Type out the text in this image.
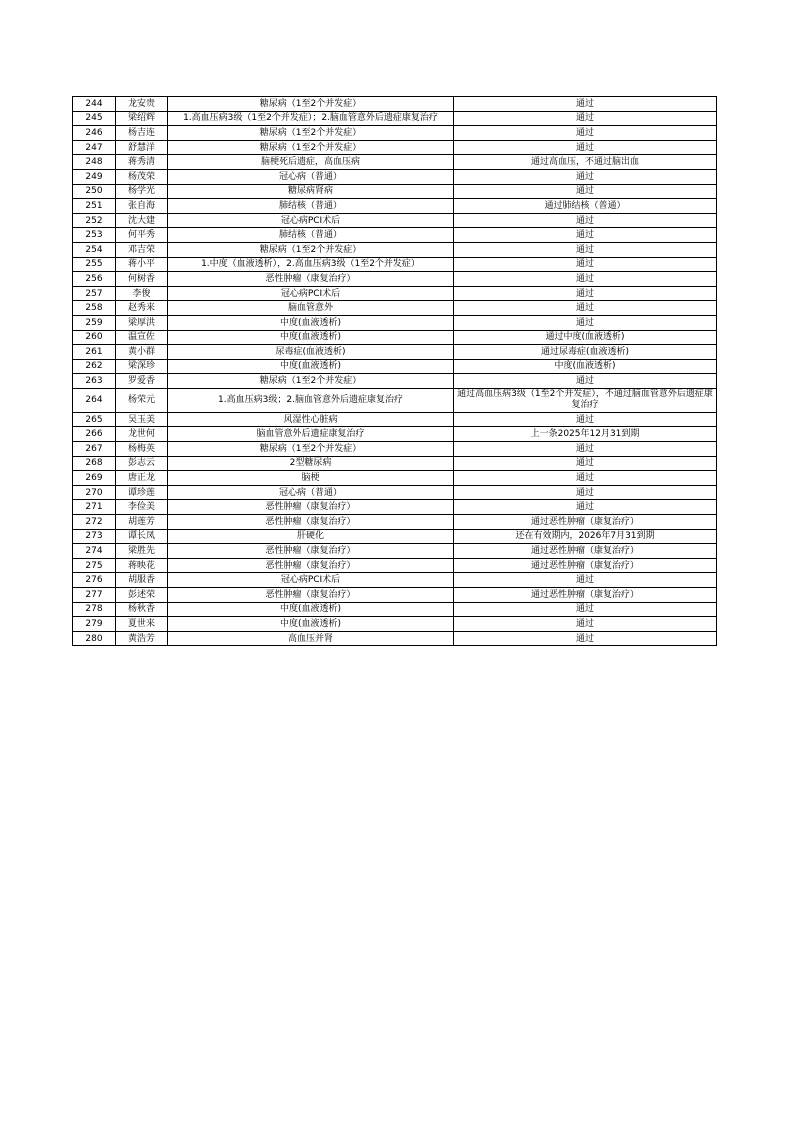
244	龙安贵	糖尿病（1至2个并发症）	通过
245	梁绍辉	1.高血压病3级（1至2个并发症）；2.脑血管意外后遗症康复治疗	通过
246	杨吉连	糖尿病（1至2个并发症）	通过
247	舒慧洋	糖尿病（1至2个并发症）	通过
248	蒋秀清	脑梗死后遗症，高血压病	通过高血压，不通过脑出血
249	杨茂荣	冠心病（普通）	通过
250	杨学光	糖尿病肾病	通过
251	张自海	肺结核（普通）	通过肺结核（普通）
252	沈大建	冠心病PCI术后	通过
253	何平秀	肺结核（普通）	通过
254	邓吉荣	糖尿病（1至2个并发症）	通过
255	蒋小平	1.中度（血液透析），2.高血压病3级（1至2个并发症）	通过
256	何树香	恶性肿瘤（康复治疗）	通过
257	李俊	冠心病PCI术后	通过
258	赵秀来	脑血管意外	通过
259	梁厚洪	中度(血液透析)	通过
260	温宣佐	中度(血液透析)	通过中度(血液透析)
261	黄小群	尿毒症(血液透析)	通过尿毒症(血液透析)
262	梁深珍	中度(血液透析)	中度(血液透析)
263	罗爱香	糖尿病（1至2个并发症）	通过
264	杨荣元	1.高血压病3级；2.脑血管意外后遗症康复治疗	通过高血压病3级（1至2个并发症），不通过脑血管意外后遗症康复治疗
265	吴玉美	风湿性心脏病	通过
266	龙世何	脑血管意外后遗症康复治疗	上一条2025年12月31到期
267	杨梅英	糖尿病（1至2个并发症）	通过
268	彭志云	2型糖尿病	通过
269	唐正龙	脑梗	通过
270	谭珍莲	冠心病（普通）	通过
271	李俭美	恶性肿瘤（康复治疗）	通过
272	胡莲芳	恶性肿瘤（康复治疗）	通过恶性肿瘤（康复治疗）
273	谭长凤	肝硬化	还在有效期内，2026年7月31到期
274	梁胜先	恶性肿瘤（康复治疗）	通过恶性肿瘤（康复治疗）
275	蒋映花	恶性肿瘤（康复治疗）	通过恶性肿瘤（康复治疗）
276	胡服香	冠心病PCI术后	通过
277	彭述荣	恶性肿瘤（康复治疗）	通过恶性肿瘤（康复治疗）
278	杨秋香	中度(血液透析)	通过
279	夏世来	中度(血液透析)	通过
280	黄浩芳	高血压并肾	通过
